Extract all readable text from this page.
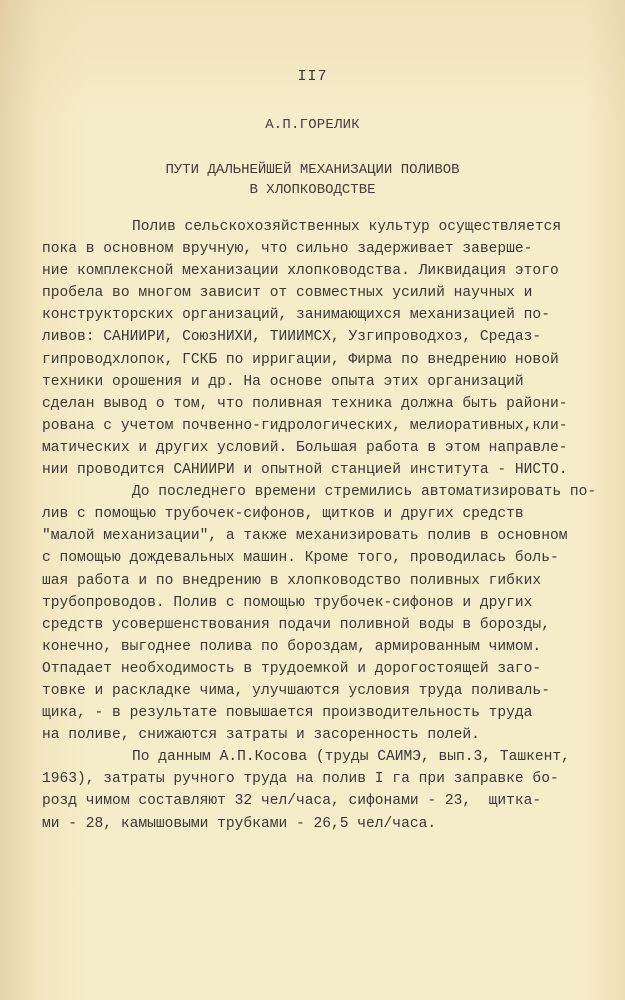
II7
А.П.ГОРЕЛИК
ПУТИ ДАЛЬНЕЙШЕЙ МЕХАНИЗАЦИИ ПОЛИВОВ
В ХЛОПКОВОДСТВЕ
Полив сельскохозяйственных культур осуществляется
пока в основном вручную, что сильно задерживает заверше-
ние комплексной механизации хлопководства. Ликвидация этого
пробела во многом зависит от совместных усилий научных и
конструкторских организаций, занимающихся механизацией по-
ливов: САНИИРИ, СоюзНИХИ, ТИИИМСХ, Узгипроводхоз, Средаз-
гипроводхлопок, ГСКБ по ирригации, Фирма по внедрению новой
техники орошения и др. На основе опыта этих организаций
сделан вывод о том, что поливная техника должна быть райони-
рована с учетом почвенно-гидрологических, мелиоративных,кли-
матических и других условий. Большая работа в этом направле-
нии проводится САНИИРИ и опытной станцией института - НИСТО.
До последнего времени стремились автоматизировать по-
лив с помощью трубочек-сифонов, щитков и других средств
"малой механизации", а также механизировать полив в основном
с помощью дождевальных машин. Кроме того, проводилась боль-
шая работа и по внедрению в хлопководство поливных гибких
трубопроводов. Полив с помощью трубочек-сифонов и других
средств усовершенствования подачи поливной воды в борозды,
конечно, выгоднее полива по бороздам, армированным чимом.
Отпадает необходимость в трудоемкой и дорогостоящей заго-
товке и раскладке чима, улучшаются условия труда поливаль-
щика, - в результате повышается производительность труда
на поливе, снижаются затраты и засоренность полей.
По данным А.П.Косова (труды САИМЭ, вып.3, Ташкент,
1963), затраты ручного труда на полив I га при заправке бо-
розд чимом составляют 32 чел/часа, сифонами - 23,  щитка-
ми - 28, камышовыми трубками - 26,5 чел/часа.
